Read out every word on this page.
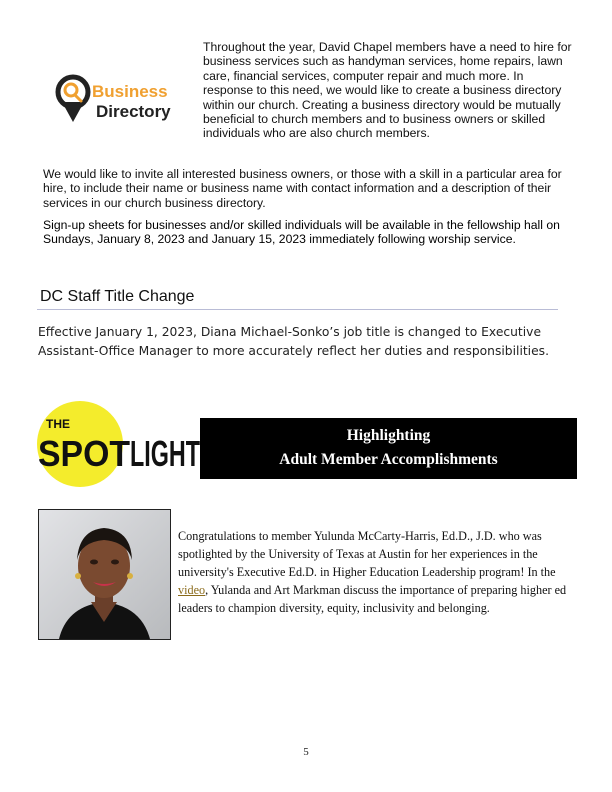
Business
Directory
Throughout the year, David Chapel members have a need to hire for business services such as handyman services, home repairs, lawn care, financial services, computer repair and much more. In response to this need, we would like to create a business directory within our church. Creating a business directory would be mutually beneficial to church members and to business owners or skilled individuals who are also church members.
We would like to invite all interested business owners, or those with a skill in a particular area for hire, to include their name or business name with contact information and a description of their services in our church business directory.
Sign-up sheets for businesses and/or skilled individuals will be available in the fellowship hall on Sundays, January 8, 2023 and January 15, 2023 immediately following worship service.
DC Staff Title Change
Effective January 1, 2023, Diana Michael-Sonko’s job title is changed to Executive Assistant-Office Manager to more accurately reflect her duties and responsibilities.
THE
SPOT LIGHT	Highlighting
Adult Member Accomplishments
Congratulations to member Yulunda McCarty-Harris, Ed.D., J.D. who was spotlighted by the University of Texas at Austin for her experiences in the university's Executive Ed.D. in Higher Education Leadership program! In the video, Yulanda and Art Markman discuss the importance of preparing higher ed leaders to champion diversity, equity, inclusivity and belonging.
5
